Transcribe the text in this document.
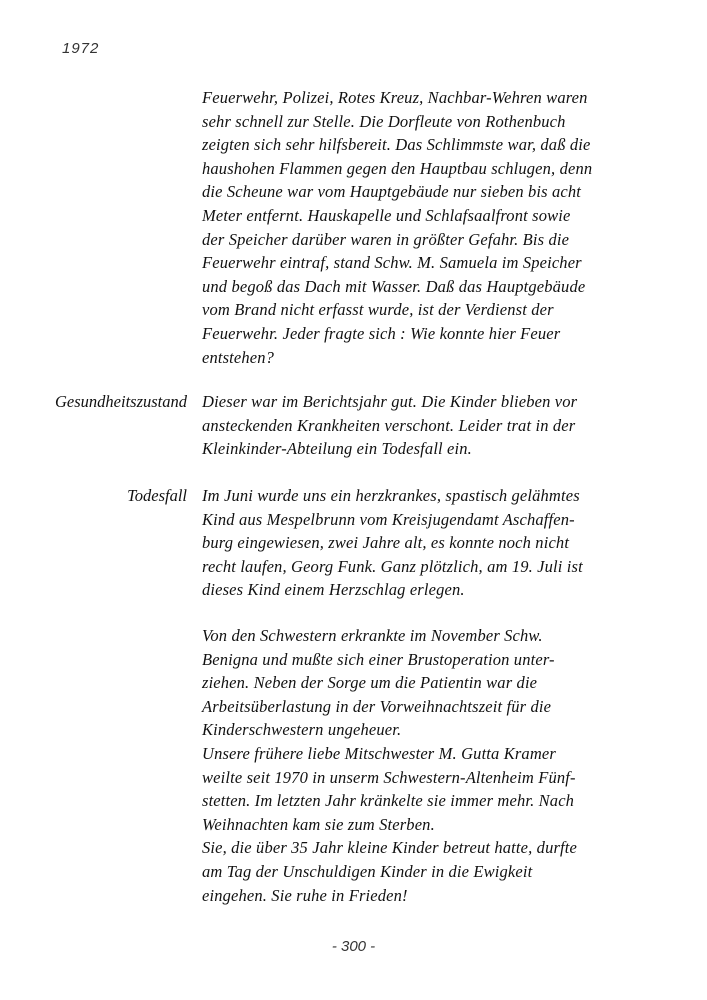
1972
Feuerwehr, Polizei, Rotes Kreuz, Nachbar-Wehren waren
sehr schnell zur Stelle. Die Dorfleute von Rothenbuch
zeigten sich sehr hilfsbereit. Das Schlimmste war, daß die
haushohen Flammen gegen den Hauptbau schlugen, denn
die Scheune war vom Hauptgebäude nur sieben bis acht
Meter entfernt. Hauskapelle und Schlafsaalfront sowie
der Speicher darüber waren in größter Gefahr. Bis die
Feuerwehr eintraf, stand Schw. M. Samuela im Speicher
und begoß das Dach mit Wasser. Daß das Hauptgebäude
vom Brand nicht erfasst wurde, ist der Verdienst der
Feuerwehr. Jeder fragte sich : Wie konnte hier Feuer
entstehen?
Gesundheitszustand Dieser war im Berichtsjahr gut. Die Kinder blieben vor
ansteckenden Krankheiten verschont. Leider trat in der
Kleinkinder-Abteilung ein Todesfall ein.
Todesfall Im Juni wurde uns ein herzkrankes, spastisch gelähmtes
Kind aus Mespelbrunn vom Kreisjugendamt Aschaffen-
burg eingewiesen, zwei Jahre alt, es konnte noch nicht
recht laufen, Georg Funk. Ganz plötzlich, am 19. Juli ist
dieses Kind einem Herzschlag erlegen.
Von den Schwestern erkrankte im November Schw.
Benigna und mußte sich einer Brustoperation unter-
ziehen. Neben der Sorge um die Patientin war die
Arbeitsüberlastung in der Vorweihnachtszeit für die
Kinderschwestern ungeheuer.
Unsere frühere liebe Mitschwester M. Gutta Kramer
weilte seit 1970 in unserm Schwestern-Altenheim Fünf-
stetten. Im letzten Jahr kränkelte sie immer mehr. Nach
Weihnachten kam sie zum Sterben.
Sie, die über 35 Jahr kleine Kinder betreut hatte, durfte
am Tag der Unschuldigen Kinder in die Ewigkeit
eingehen. Sie ruhe in Frieden!
- 300 -
